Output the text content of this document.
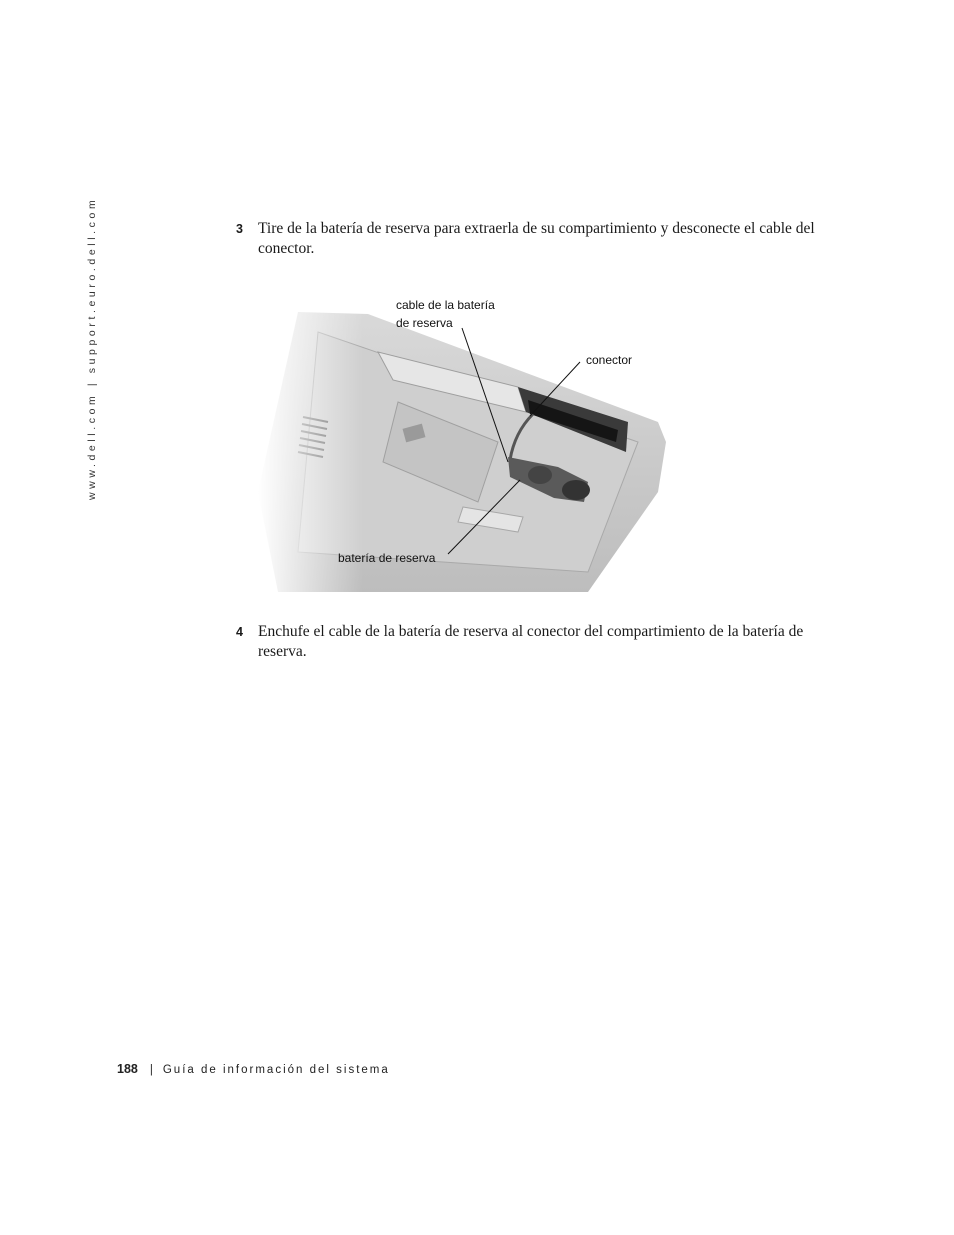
www.dell.com | support.euro.dell.com	3 Tire de la batería de reserva para extraerla de su compartimiento y desconecte el cable del conector.
cable de la batería
de reserva
conector
batería de reserva
4 Enchufe el cable de la batería de reserva al conector del compartimiento de la batería de reserva.
188 | Guía de información del sistema
